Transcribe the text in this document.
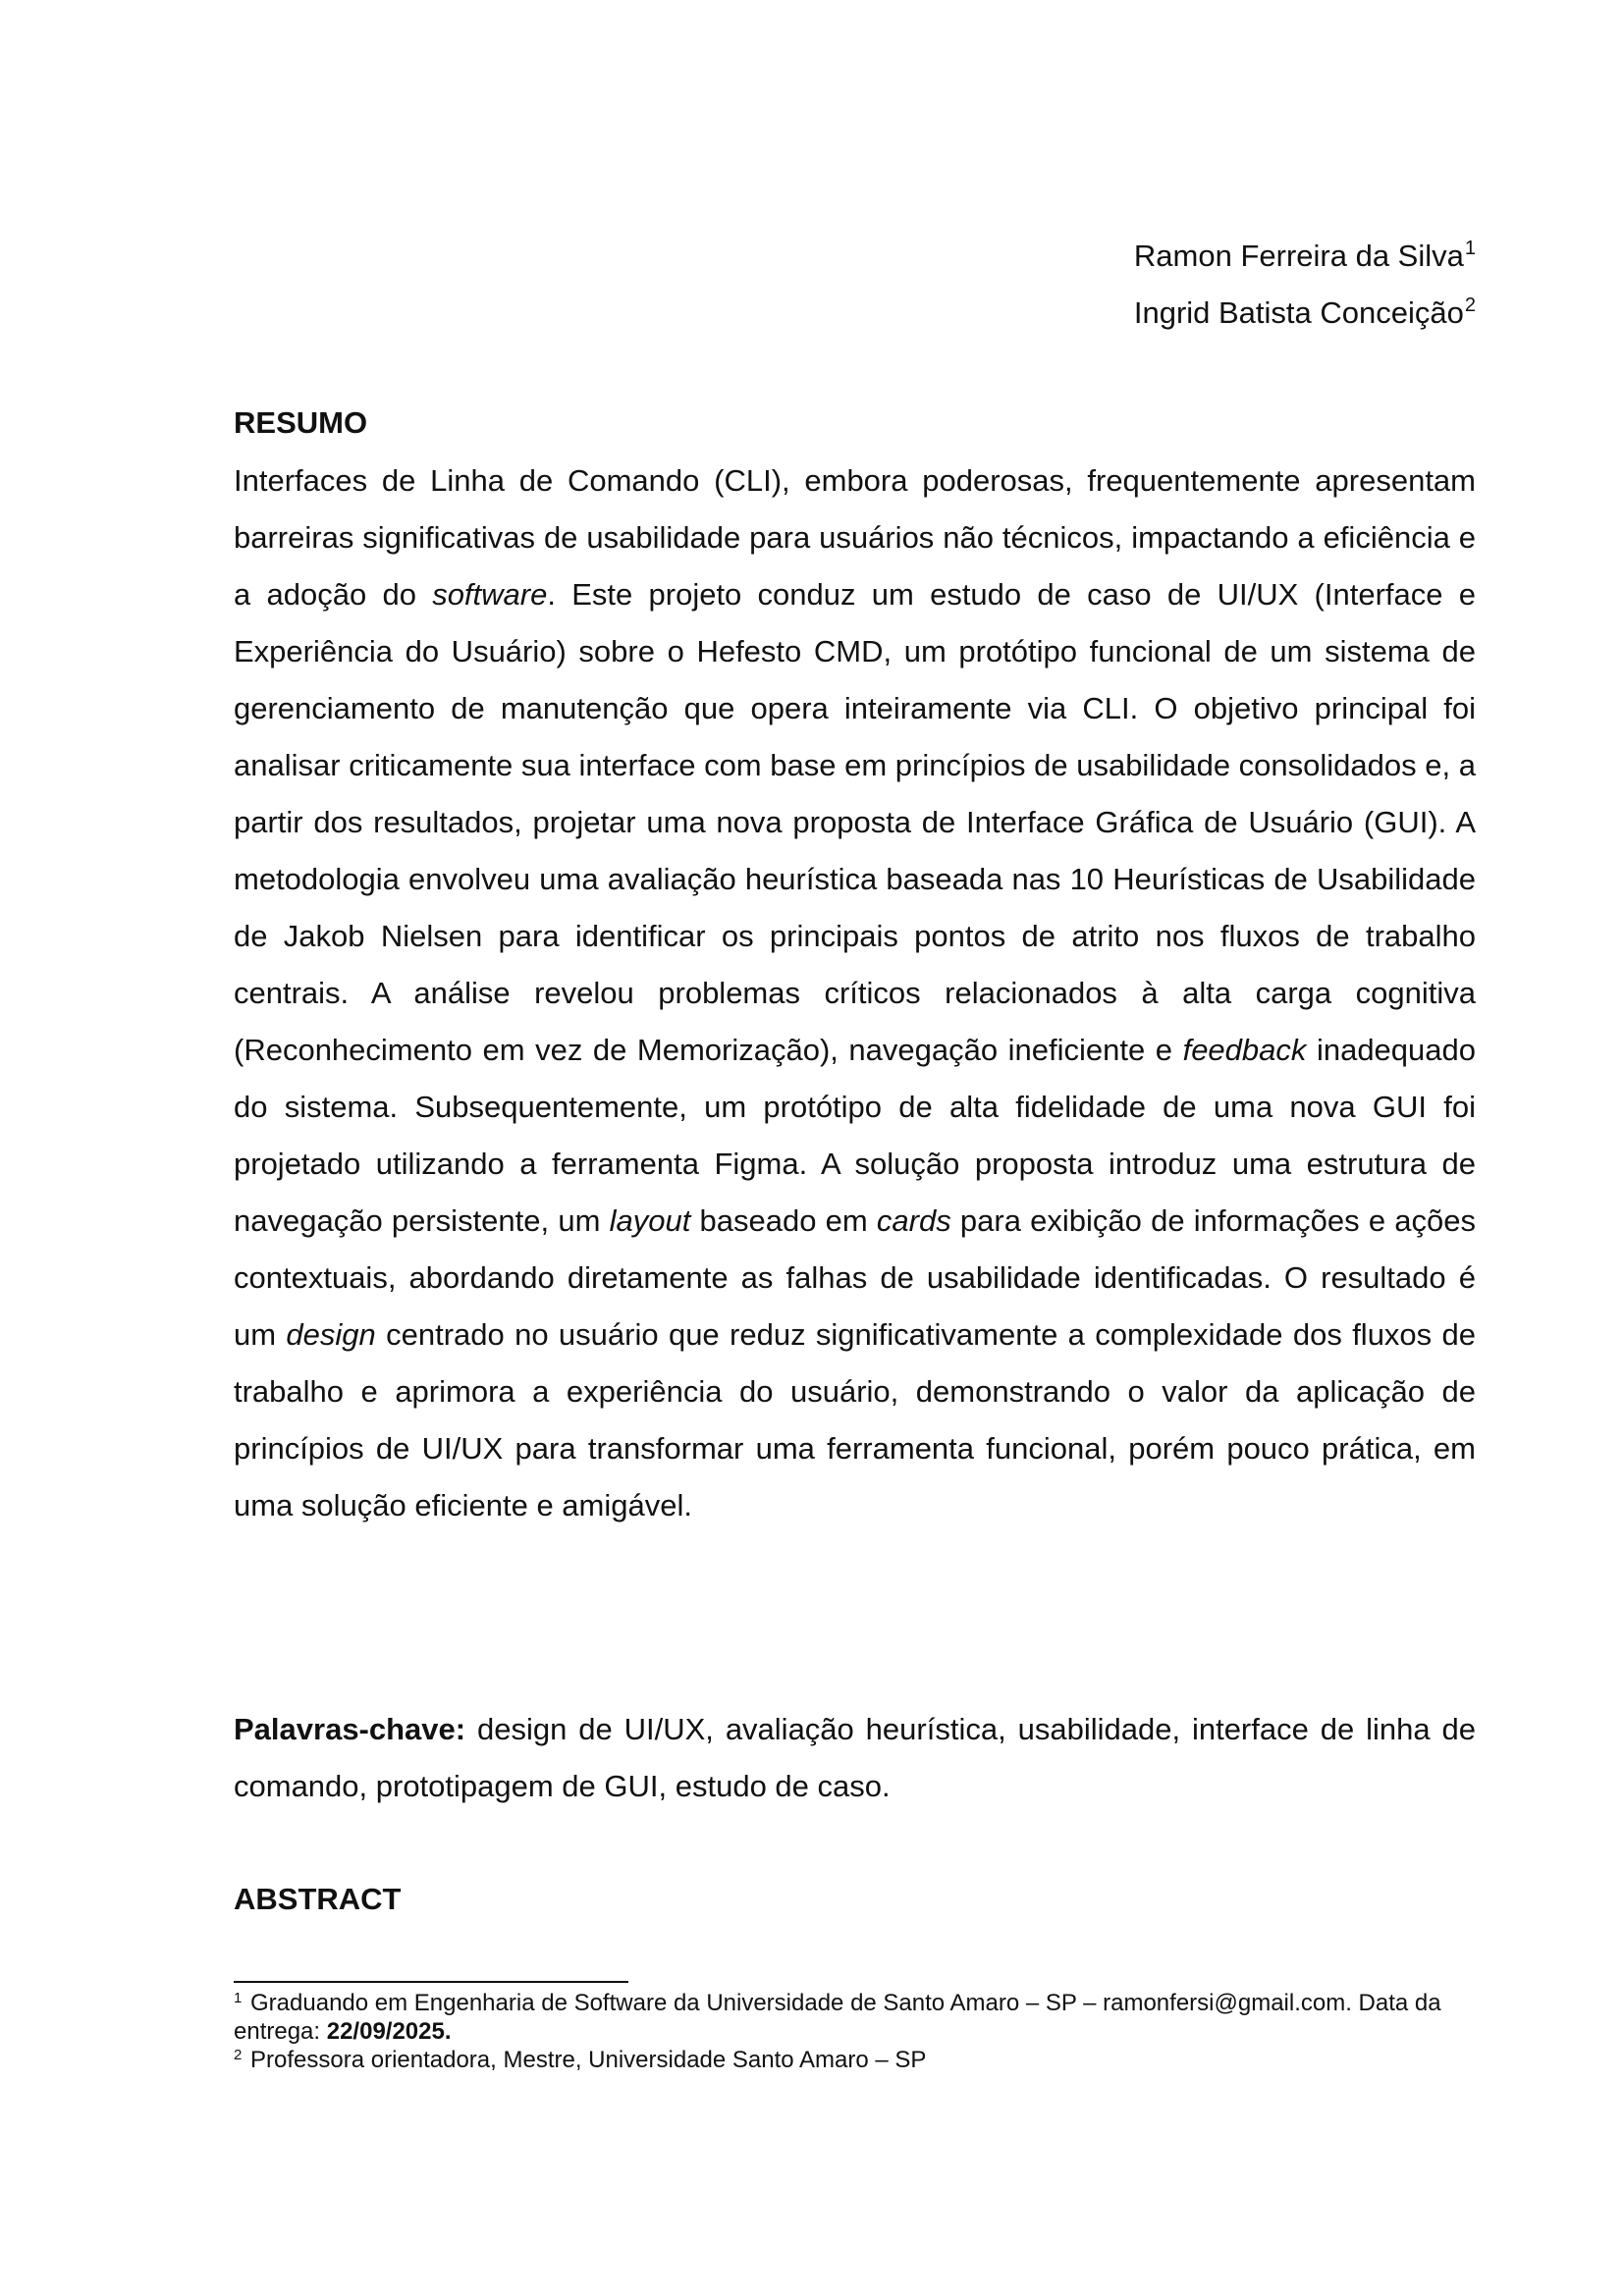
Ramon Ferreira da Silva$^1$
Ingrid Batista Conceição$^2$
RESUMO

Interfaces de Linha de Comando (CLI), embora poderosas, frequentemente apresentam barreiras significativas de usabilidade para usuários não técnicos, impactando a eficiência e a adoção do software. Este projeto conduz um estudo de caso de UI/UX (Interface e Experiência do Usuário) sobre o Hefesto CMD, um protótipo funcional de um sistema de gerenciamento de manutenção que opera inteiramente via CLI. O objetivo principal foi analisar criticamente sua interface com base em princípios de usabilidade consolidados e, a partir dos resultados, projetar uma nova proposta de Interface Gráfica de Usuário (GUI). A metodologia envolveu uma avaliação heurística baseada nas 10 Heurísticas de Usabilidade de Jakob Nielsen para identificar os principais pontos de atrito nos fluxos de trabalho centrais. A análise revelou problemas críticos relacionados à alta carga cognitiva (Reconhecimento em vez de Memorização), navegação ineficiente e feedback inadequado do sistema. Subsequentemente, um protótipo de alta fidelidade de uma nova GUI foi projetado utilizando a ferramenta Figma. A solução proposta introduz uma estrutura de navegação persistente, um layout baseado em cards para exibição de informações e ações contextuais, abordando diretamente as falhas de usabilidade identificadas. O resultado é um design centrado no usuário que reduz significativamente a complexidade dos fluxos de trabalho e aprimora a experiência do usuário, demonstrando o valor da aplicação de princípios de UI/UX para transformar uma ferramenta funcional, porém pouco prática, em uma solução eficiente e amigável.

Palavras-chave: design de UI/UX, avaliação heurística, usabilidade, interface de linha de comando, prototipagem de GUI, estudo de caso.

ABSTRACT
$^1$ Graduando em Engenharia de Software da Universidade de Santo Amaro – SP – ramonfersi@gmail.com. Data da entrega: 22/09/2025.
$^2$ Professora orientadora, Mestre, Universidade Santo Amaro – SP
